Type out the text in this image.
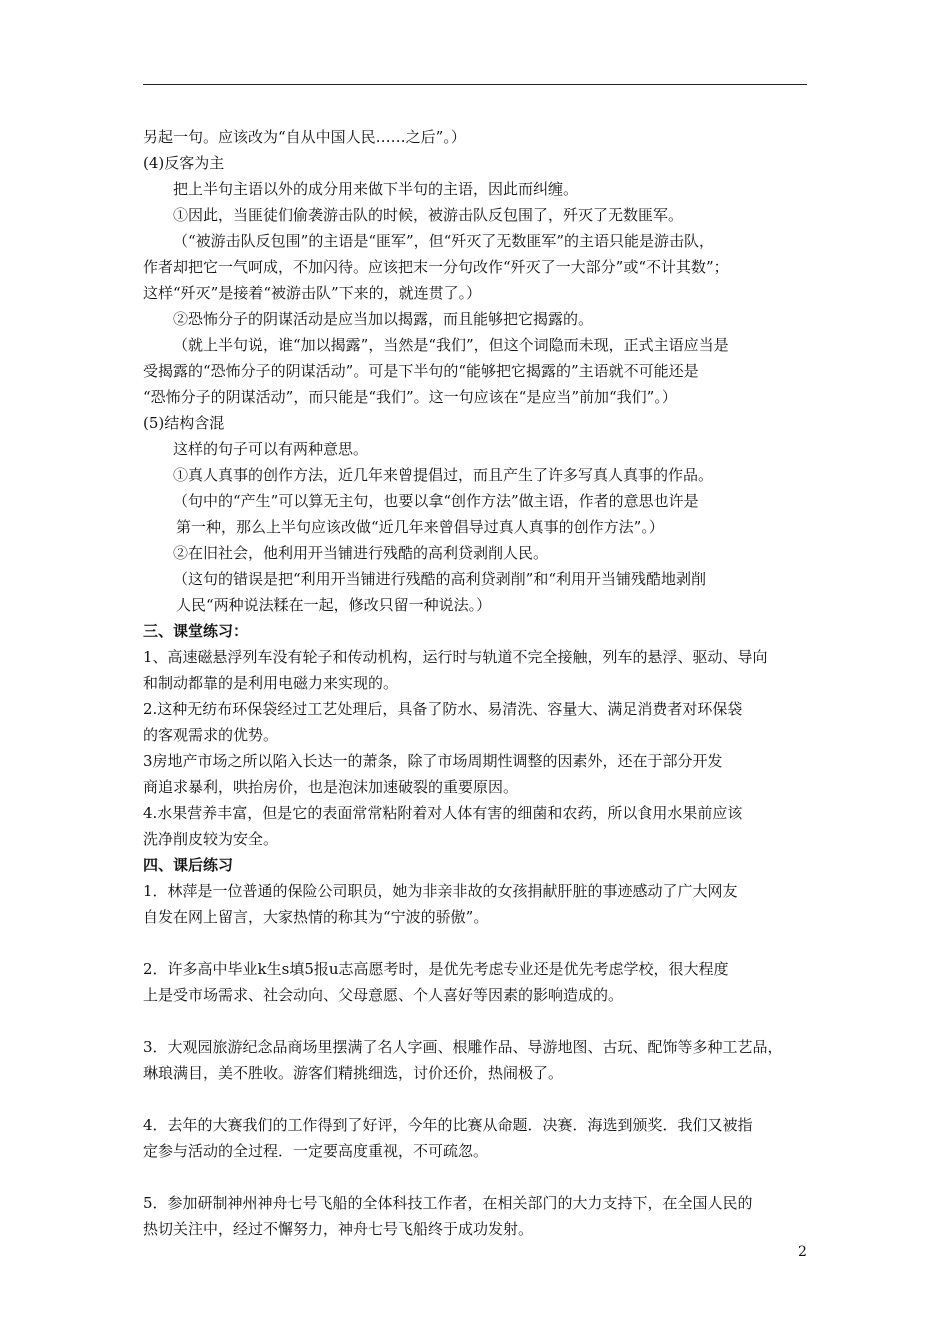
另起一句。应该改为“自从中国人民……之后”。）

(4)反客为主

把上半句主语以外的成分用来做下半句的主语，因此而纠缠。

①因此，当匪徒们偷袭游击队的时候，被游击队反包围了，歼灭了无数匪军。

（“被游击队反包围”的主语是“匪军”，但“歼灭了无数匪军”的主语只能是游击队，

作者却把它一气呵成，不加闪待。应该把末一分句改作“歼灭了一大部分”或“不计其数”；

这样“歼灭”是接着“被游击队”下来的，就连贯了。）

②恐怖分子的阴谋活动是应当加以揭露，而且能够把它揭露的。

（就上半句说，谁“加以揭露”，当然是“我们”，但这个词隐而未现，正式主语应当是

受揭露的“恐怖分子的阴谋活动”。可是下半句的“能够把它揭露的”主语就不可能还是

“恐怖分子的阴谋活动”，而只能是“我们”。这一句应该在“是应当”前加“我们”。）

(5)结构含混

这样的句子可以有两种意思。

①真人真事的创作方法，近几年来曾提倡过，而且产生了许多写真人真事的作品。

（句中的“产生”可以算无主句，也要以拿“创作方法”做主语，作者的意思也许是

第一种，那么上半句应该改做“近几年来曾倡导过真人真事的创作方法”。）

②在旧社会，他利用开当铺进行残酷的高利贷剥削人民。

（这句的错误是把“利用开当铺进行残酷的高利贷剥削”和“利用开当铺残酷地剥削

人民“两种说法糅在一起，修改只留一种说法。）

三、课堂练习：

1、高速磁悬浮列车没有轮子和传动机构，运行时与轨道不完全接触，列车的悬浮、驱动、导向

和制动都靠的是利用电磁力来实现的。

2.这种无纺布环保袋经过工艺处理后，具备了防水、易清洗、容量大、满足消费者对环保袋

的客观需求的优势。

3房地产市场之所以陷入长达一的萧条，除了市场周期性调整的因素外，还在于部分开发

商追求暴利，哄抬房价，也是泡沫加速破裂的重要原因。

4.水果营养丰富，但是它的表面常常粘附着对人体有害的细菌和农药，所以食用水果前应该

洗净削皮较为安全。

四、课后练习

1．林萍是一位普通的保险公司职员，她为非亲非故的女孩捐献肝脏的事迹感动了广大网友

自发在网上留言，大家热情的称其为“宁波的骄傲”。

2．许多高中毕业k生s填5报u志高愿考时，是优先考虑专业还是优先考虑学校，很大程度

上是受市场需求、社会动向、父母意愿、个人喜好等因素的影响造成的。

3．大观园旅游纪念品商场里摆满了名人字画、根雕作品、导游地图、古玩、配饰等多种工艺品，

琳琅满目，美不胜收。游客们精挑细选，讨价还价，热闹极了。

4．去年的大赛我们的工作得到了好评，今年的比赛从命题．决赛．海选到颁奖．我们又被指

定参与活动的全过程．一定要高度重视，不可疏忽。

5．参加研制神州神舟七号飞船的全体科技工作者，在相关部门的大力支持下，在全国人民的

热切关注中，经过不懈努力，神舟七号飞船终于成功发射。

2
